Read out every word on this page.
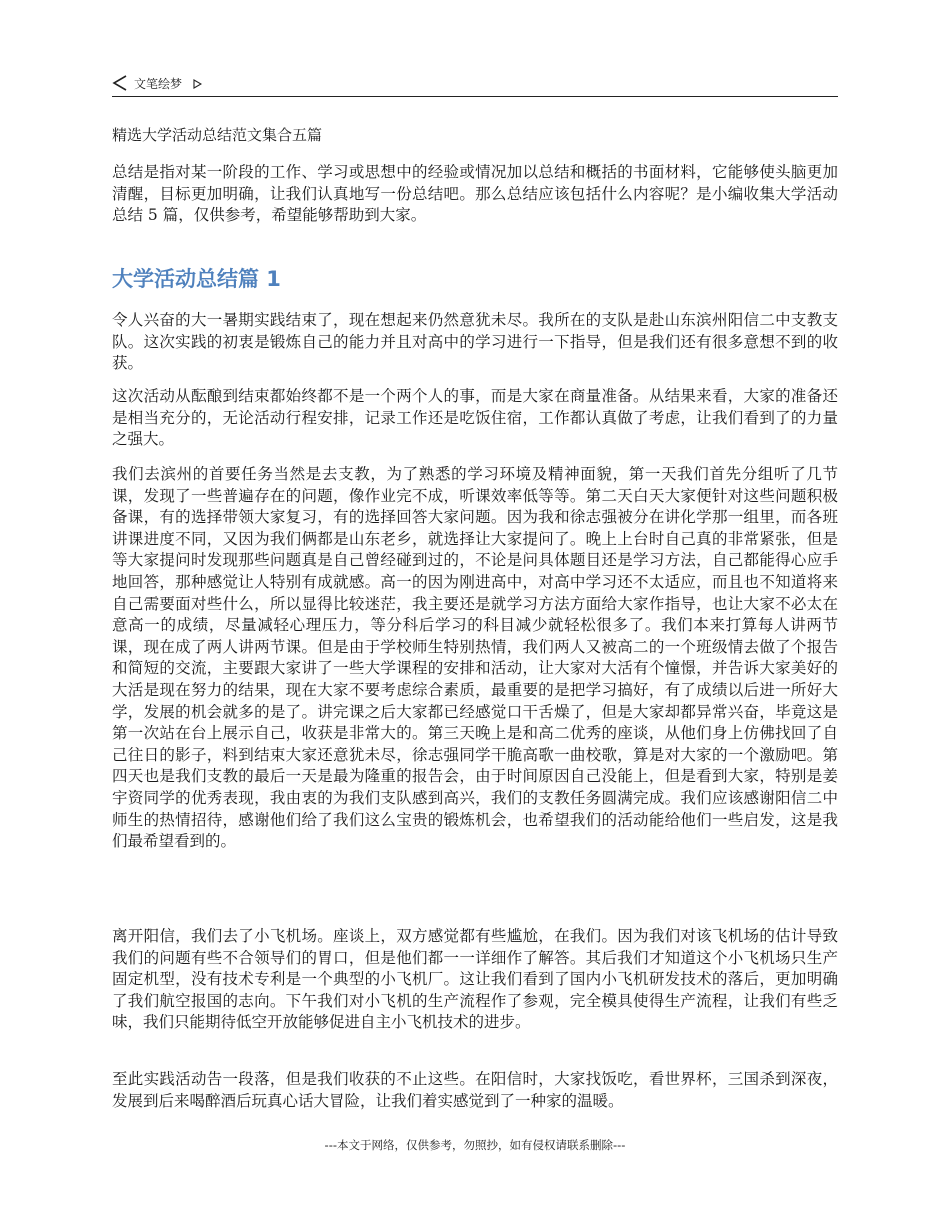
文笔绘梦

精选大学活动总结范文集合五篇

总结是指对某一阶段的工作、学习或思想中的经验或情况加以总结和概括的书面材料，它能够使头脑更加清醒，目标更加明确，让我们认真地写一份总结吧。那么总结应该包括什么内容呢？是小编收集大学活动总结 5 篇，仅供参考，希望能够帮助到大家。

大学活动总结篇 1

令人兴奋的大一暑期实践结束了，现在想起来仍然意犹未尽。我所在的支队是赴山东滨州阳信二中支教支队。这次实践的初衷是锻炼自己的能力并且对高中的学习进行一下指导，但是我们还有很多意想不到的收获。

这次活动从酝酿到结束都始终都不是一个两个人的事，而是大家在商量准备。从结果来看，大家的准备还是相当充分的，无论活动行程安排，记录工作还是吃饭住宿，工作都认真做了考虑，让我们看到了的力量之强大。

我们去滨州的首要任务当然是去支教，为了熟悉的学习环境及精神面貌，第一天我们首先分组听了几节课，发现了一些普遍存在的问题，像作业完不成，听课效率低等等。第二天白天大家便针对这些问题积极备课，有的选择带领大家复习，有的选择回答大家问题。因为我和徐志强被分在讲化学那一组里，而各班讲课进度不同，又因为我们俩都是山东老乡，就选择让大家提问了。晚上上台时自己真的非常紧张，但是等大家提问时发现那些问题真是自己曾经碰到过的，不论是问具体题目还是学习方法，自己都能得心应手地回答，那种感觉让人特别有成就感。高一的因为刚进高中，对高中学习还不太适应，而且也不知道将来自己需要面对些什么，所以显得比较迷茫，我主要还是就学习方法方面给大家作指导，也让大家不必太在意高一的成绩，尽量减轻心理压力，等分科后学习的科目减少就轻松很多了。我们本来打算每人讲两节课，现在成了两人讲两节课。但是由于学校师生特别热情，我们两人又被高二的一个班级情去做了个报告和简短的交流，主要跟大家讲了一些大学课程的安排和活动，让大家对大活有个憧憬，并告诉大家美好的大活是现在努力的结果，现在大家不要考虑综合素质，最重要的是把学习搞好，有了成绩以后进一所好大学，发展的机会就多的是了。讲完课之后大家都已经感觉口干舌燥了，但是大家却都异常兴奋，毕竟这是第一次站在台上展示自己，收获是非常大的。第三天晚上是和高二优秀的座谈，从他们身上仿佛找回了自己往日的影子，料到结束大家还意犹未尽，徐志强同学干脆高歌一曲校歌，算是对大家的一个激励吧。第四天也是我们支教的最后一天是最为隆重的报告会，由于时间原因自己没能上，但是看到大家，特别是姜宇资同学的优秀表现，我由衷的为我们支队感到高兴，我们的支教任务圆满完成。我们应该感谢阳信二中师生的热情招待，感谢他们给了我们这么宝贵的锻炼机会，也希望我们的活动能给他们一些启发，这是我们最希望看到的。

离开阳信，我们去了小飞机场。座谈上，双方感觉都有些尴尬，在我们。因为我们对该飞机场的估计导致我们的问题有些不合领导们的胃口，但是他们都一一详细作了解答。其后我们才知道这个小飞机场只生产固定机型，没有技术专利是一个典型的小飞机厂。这让我们看到了国内小飞机研发技术的落后，更加明确了我们航空报国的志向。下午我们对小飞机的生产流程作了参观，完全模具使得生产流程，让我们有些乏味，我们只能期待低空开放能够促进自主小飞机技术的进步。

至此实践活动告一段落，但是我们收获的不止这些。在阳信时，大家找饭吃，看世界杯，三国杀到深夜，发展到后来喝醉酒后玩真心话大冒险，让我们着实感觉到了一种家的温暖。

---本文于网络，仅供参考，勿照抄，如有侵权请联系删除---
